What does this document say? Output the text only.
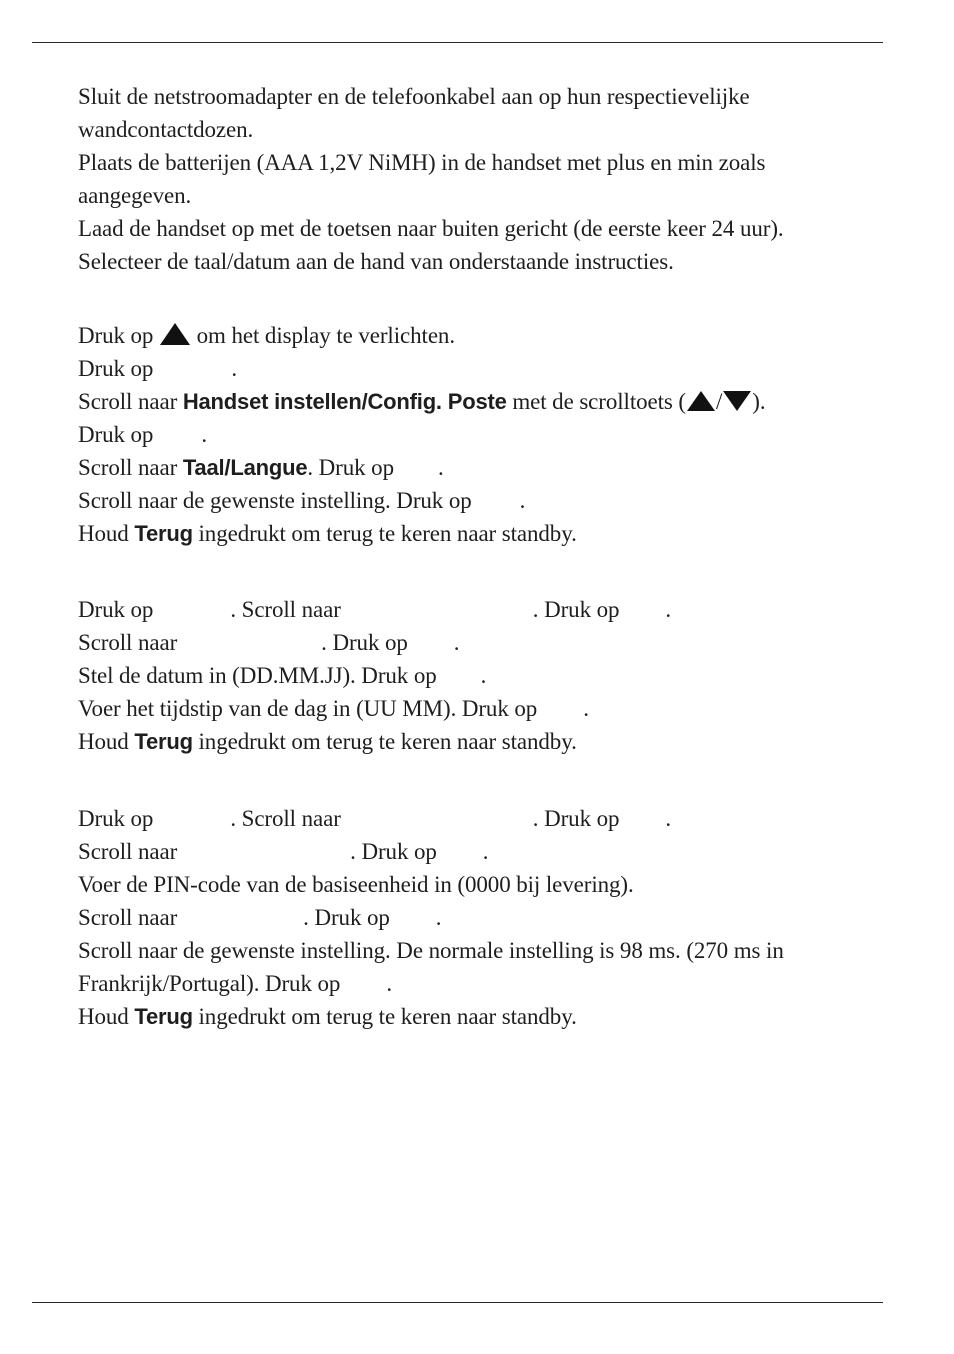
Sluit de netstroomadapter en de telefoonkabel aan op hun respectievelijke
wandcontactdozen.
Plaats de batterijen (AAA 1,2V NiMH) in de handset met plus en min zoals
aangegeven.
Laad de handset op met de toetsen naar buiten gericht (de eerste keer 24 uur).
Selecteer de taal/datum aan de hand van onderstaande instructies.
Druk op om het display te verlichten.
Druk op	.
Scroll naar Handset instellen/Config. Poste met de scrolltoets ( / ).
Druk op .
Scroll naar Taal/Langue. Druk op .
Scroll naar de gewenste instelling. Druk op .
Houd Terug ingedrukt om terug te keren naar standby.
Druk op	. Scroll naar	. Druk op .
Scroll naar	. Druk op .
Stel de datum in (DD.MM.JJ). Druk op .
Voer het tijdstip van de dag in (UU MM). Druk op .
Houd Terug ingedrukt om terug te keren naar standby.
Druk op	. Scroll naar	. Druk op .
Scroll naar	. Druk op .
Voer de PIN-code van de basiseenheid in (0000 bij levering).
Scroll naar	. Druk op .
Scroll naar de gewenste instelling. De normale instelling is 98 ms. (270 ms in
Frankrijk/Portugal). Druk op .
Houd Terug ingedrukt om terug te keren naar standby.
